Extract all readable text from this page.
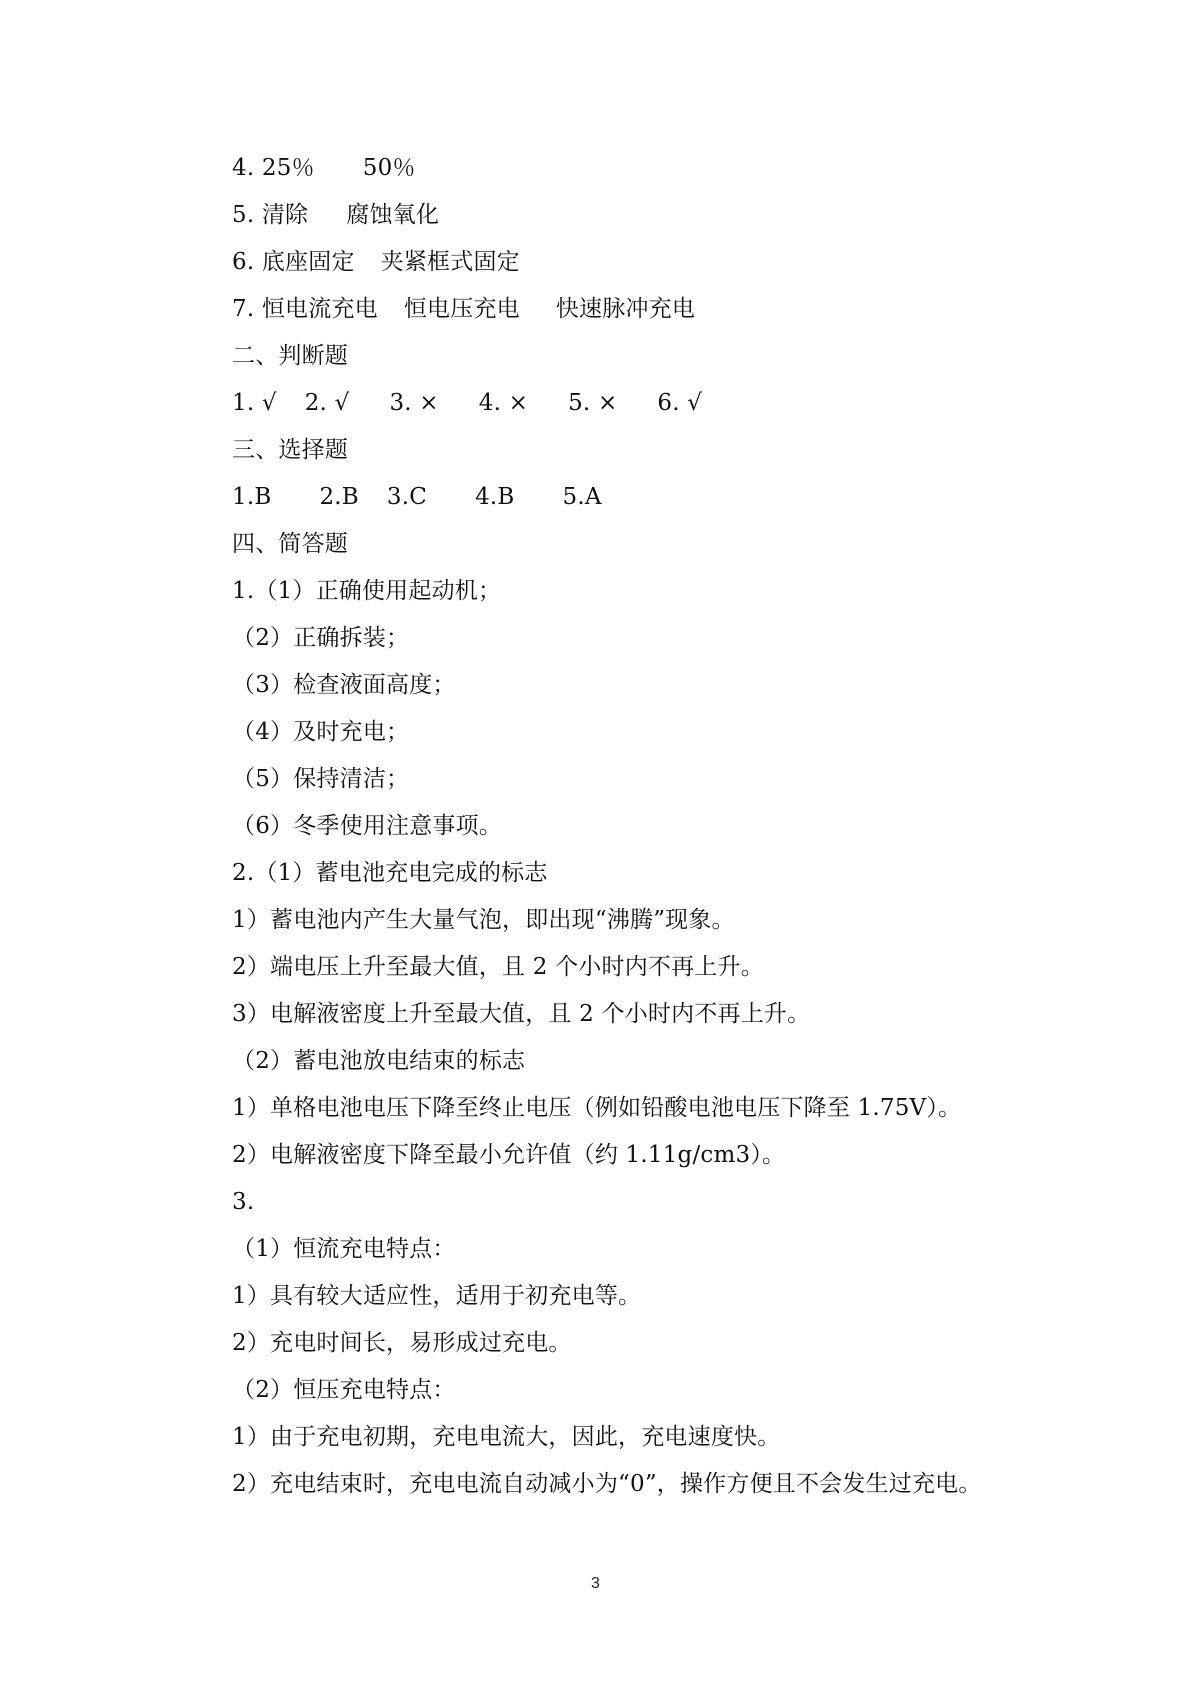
4. 25％ 50％
5. 清除 腐蚀氧化
6. 底座固定 夹紧框式固定
7. 恒电流充电 恒电压充电 快速脉冲充电
二、判断题
1. √ 2. √ 3. × 4. × 5. × 6. √
三、选择题
1.B 2.B 3.C 4.B 5.A
四、简答题
1.（1）正确使用起动机；
（2）正确拆装；
（3）检查液面高度；
（4）及时充电；
（5）保持清洁；
（6）冬季使用注意事项。
2.（1）蓄电池充电完成的标志
1）蓄电池内产生大量气泡，即出现“沸腾”现象。
2）端电压上升至最大值，且 2 个小时内不再上升。
3）电解液密度上升至最大值，且 2 个小时内不再上升。
（2）蓄电池放电结束的标志
1）单格电池电压下降至终止电压（例如铅酸电池电压下降至 1.75V）。
2）电解液密度下降至最小允许值（约 1.11g/cm3）。
3.
（1）恒流充电特点：
1）具有较大适应性，适用于初充电等。
2）充电时间长，易形成过充电。
（2）恒压充电特点：
1）由于充电初期，充电电流大，因此，充电速度快。
2）充电结束时，充电电流自动减小为“0”，操作方便且不会发生过充电。
3
